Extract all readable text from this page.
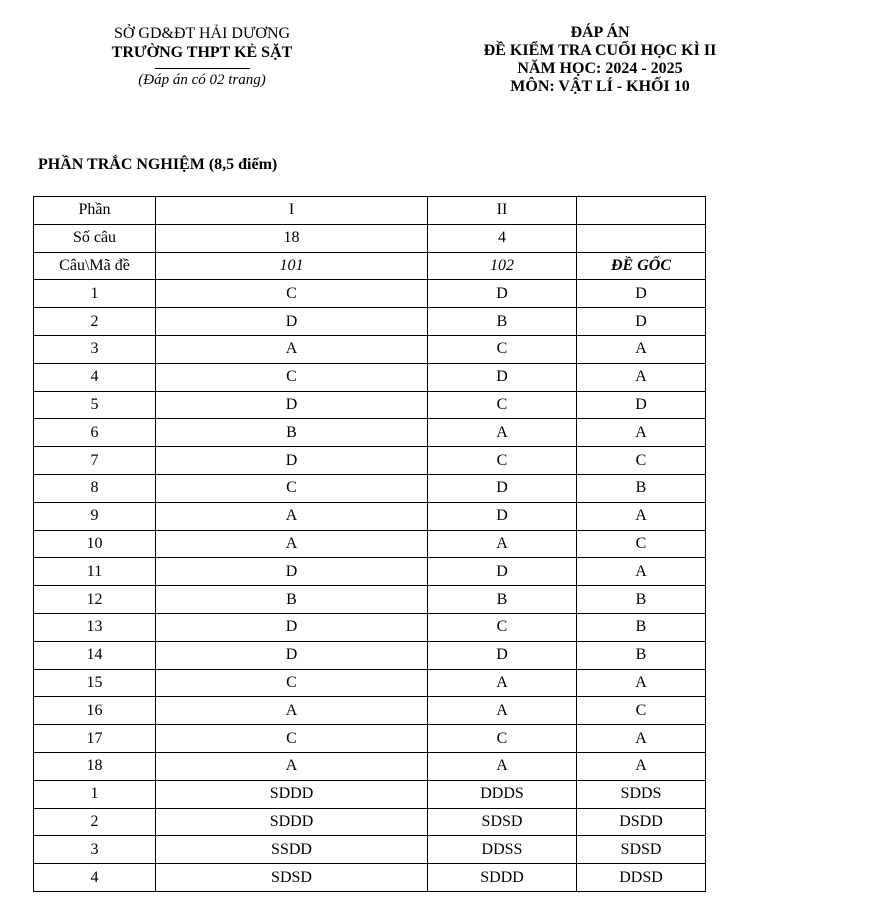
SỞ GD&ĐT HẢI DƯƠNG
TRƯỜNG THPT KẺ SẶT
(Đáp án có 02 trang)
ĐÁP ÁN
ĐỀ KIỂM TRA CUỐI HỌC KÌ II
NĂM HỌC: 2024 - 2025
MÔN: VẬT LÍ - KHỐI 10
PHẦN TRẮC NGHIỆM (8,5 điểm)
Phần	I	II	
Số câu	18	4	
Câu\Mã đề	101	102	ĐỀ GỐC
1	C	D	D
2	D	B	D
3	A	C	A
4	C	D	A
5	D	C	D
6	B	A	A
7	D	C	C
8	C	D	B
9	A	D	A
10	A	A	C
11	D	D	A
12	B	B	B
13	D	C	B
14	D	D	B
15	C	A	A
16	A	A	C
17	C	C	A
18	A	A	A
1	SDDD	DDDS	SDDS
2	SDDD	SDSD	DSDD
3	SSDD	DDSS	SDSD
4	SDSD	SDDD	DDSD
